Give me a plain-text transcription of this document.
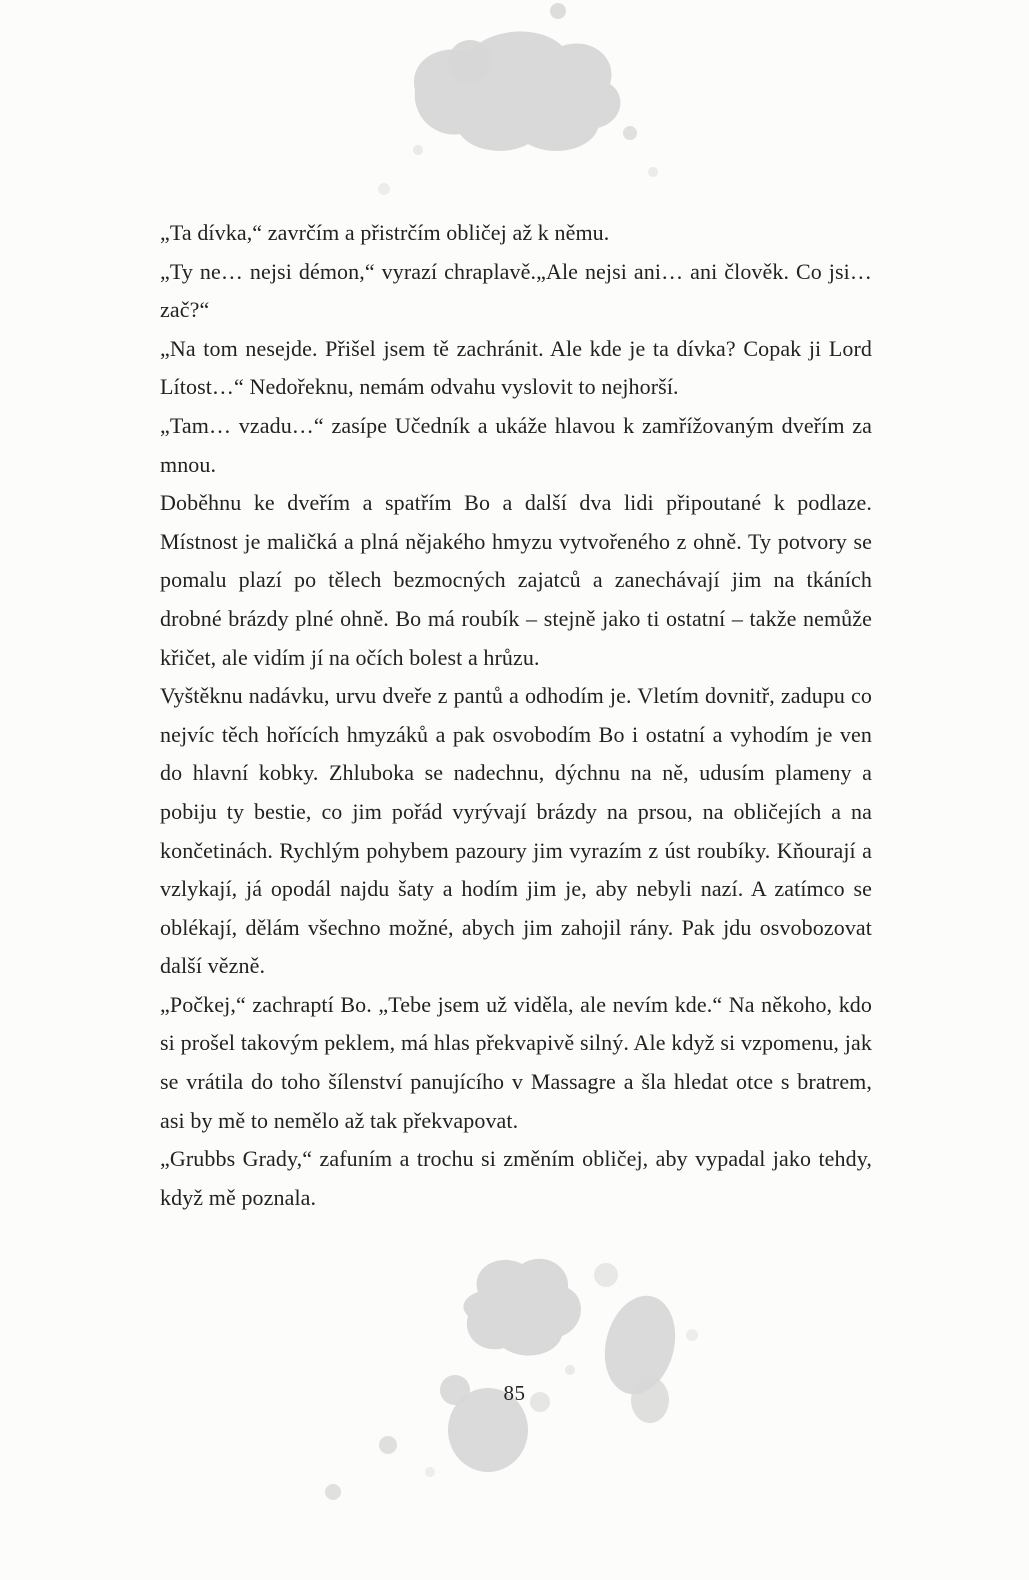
„Ta dívka,“ zavrčím a přistrčím obličej až k němu.

„Ty ne… nejsi démon,“ vyrazí chraplavě.„Ale nejsi ani… ani člověk. Co jsi… zač?“

„Na tom nesejde. Přišel jsem tě zachránit. Ale kde je ta dívka? Copak ji Lord Lítost…“ Nedořeknu, nemám odvahu vyslovit to nejhorší.

„Tam… vzadu…“ zasípe Učedník a ukáže hlavou k zamřížovaným dveřím za mnou.

Doběhnu ke dveřím a spatřím Bo a další dva lidi připoutané k podlaze. Místnost je maličká a plná nějakého hmyzu vytvořeného z ohně. Ty potvory se pomalu plazí po tělech bezmocných zajatců a zanechávají jim na tkáních drobné brázdy plné ohně. Bo má roubík – stejně jako ti ostatní – takže nemůže křičet, ale vidím jí na očích bolest a hrůzu.

Vyštěknu nadávku, urvu dveře z pantů a odhodím je. Vletím dovnitř, zadupu co nejvíc těch hořících hmyzáků a pak osvobodím Bo i ostatní a vyhodím je ven do hlavní kobky. Zhluboka se nadechnu, dýchnu na ně, udusím plameny a pobiju ty bestie, co jim pořád vyrývají brázdy na prsou, na obličejích a na končetinách. Rychlým pohybem pazoury jim vyrazím z úst roubíky. Kňourají a vzlykají, já opodál najdu šaty a hodím jim je, aby nebyli nazí. A zatímco se oblékají, dělám všechno možné, abych jim zahojil rány. Pak jdu osvobozovat další vězně.

„Počkej,“ zachraptí Bo. „Tebe jsem už viděla, ale nevím kde.“ Na někoho, kdo si prošel takovým peklem, má hlas překvapivě silný. Ale když si vzpomenu, jak se vrátila do toho šílenství panujícího v Massagre a šla hledat otce s bratrem, asi by mě to nemělo až tak překvapovat.

„Grubbs Grady,“ zafuním a trochu si změním obličej, aby vypadal jako tehdy, když mě poznala.

85
